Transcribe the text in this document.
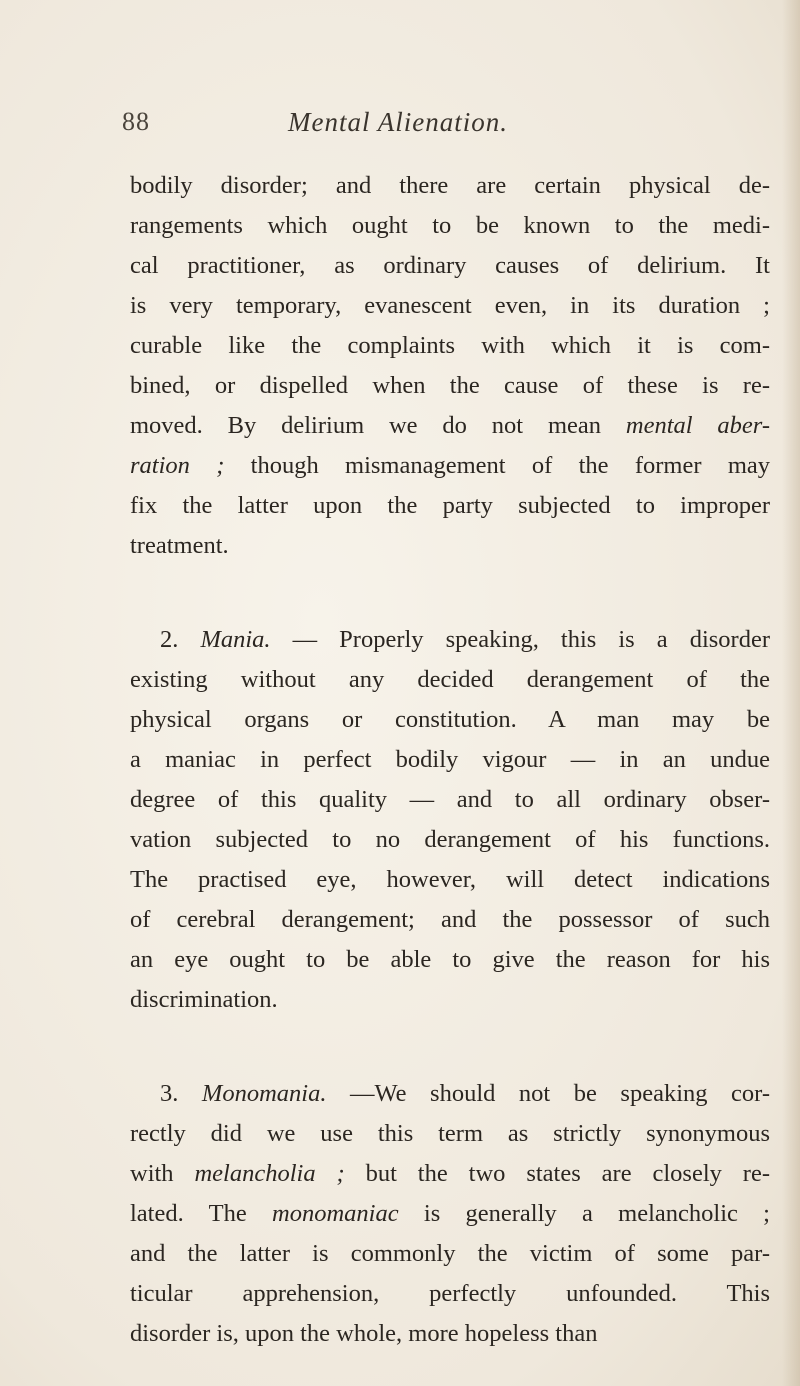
88	Mental Alienation.
bodily disorder; and there are certain physical de-
rangements which ought to be known to the medi-
cal practitioner, as ordinary causes of delirium. It
is very temporary, evanescent even, in its duration ;
curable like the complaints with which it is com-
bined, or dispelled when the cause of these is re-
moved. By delirium we do not mean mental aber-
ration ; though mismanagement of the former may
fix the latter upon the party subjected to improper
treatment.
2. Mania. — Properly speaking, this is a disorder
existing without any decided derangement of the
physical organs or constitution. A man may be
a maniac in perfect bodily vigour — in an undue
degree of this quality — and to all ordinary obser-
vation subjected to no derangement of his functions.
The practised eye, however, will detect indications
of cerebral derangement; and the possessor of such
an eye ought to be able to give the reason for his
discrimination.
3. Monomania. —We should not be speaking cor-
rectly did we use this term as strictly synonymous
with melancholia ; but the two states are closely re-
lated. The monomaniac is generally a melancholic ;
and the latter is commonly the victim of some par-
ticular apprehension, perfectly unfounded. This
disorder is, upon the whole, more hopeless than
